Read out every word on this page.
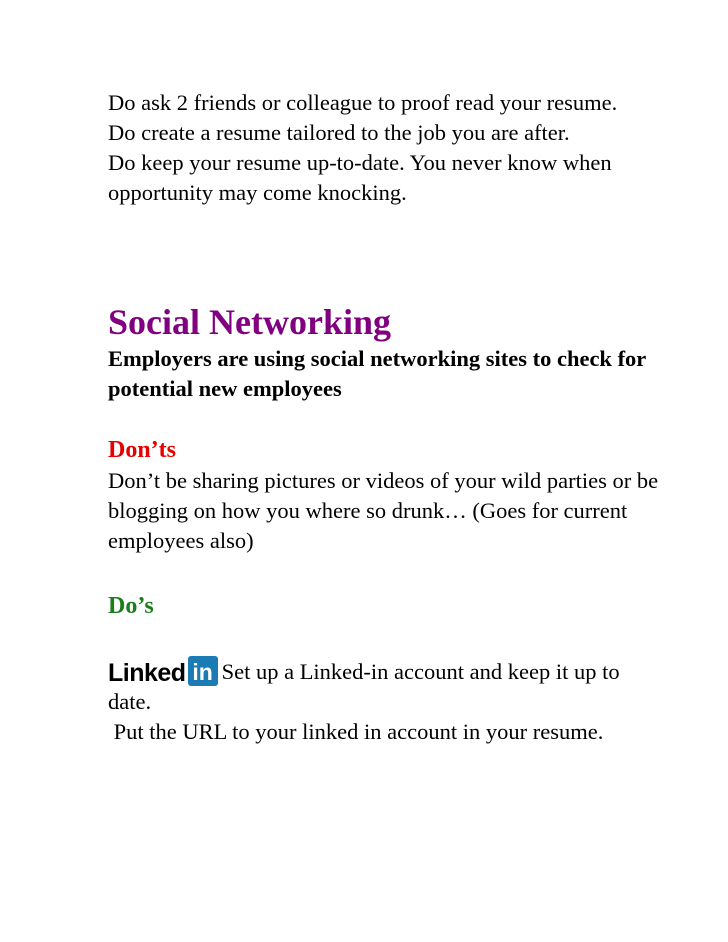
Do ask 2 friends or colleague to proof read your resume.

Do create a resume tailored to the job you are after.

Do keep your resume up-to-date. You never know when opportunity may come knocking.

Social Networking

Employers are using social networking sites to check for potential new employees

Don’ts

Don’t be sharing pictures or videos of your wild parties or be blogging on how you where so drunk… (Goes for current employees also)

Do’s

Linked in Set up a Linked-in account and keep it up to date.

Put the URL to your linked in account in your resume.
